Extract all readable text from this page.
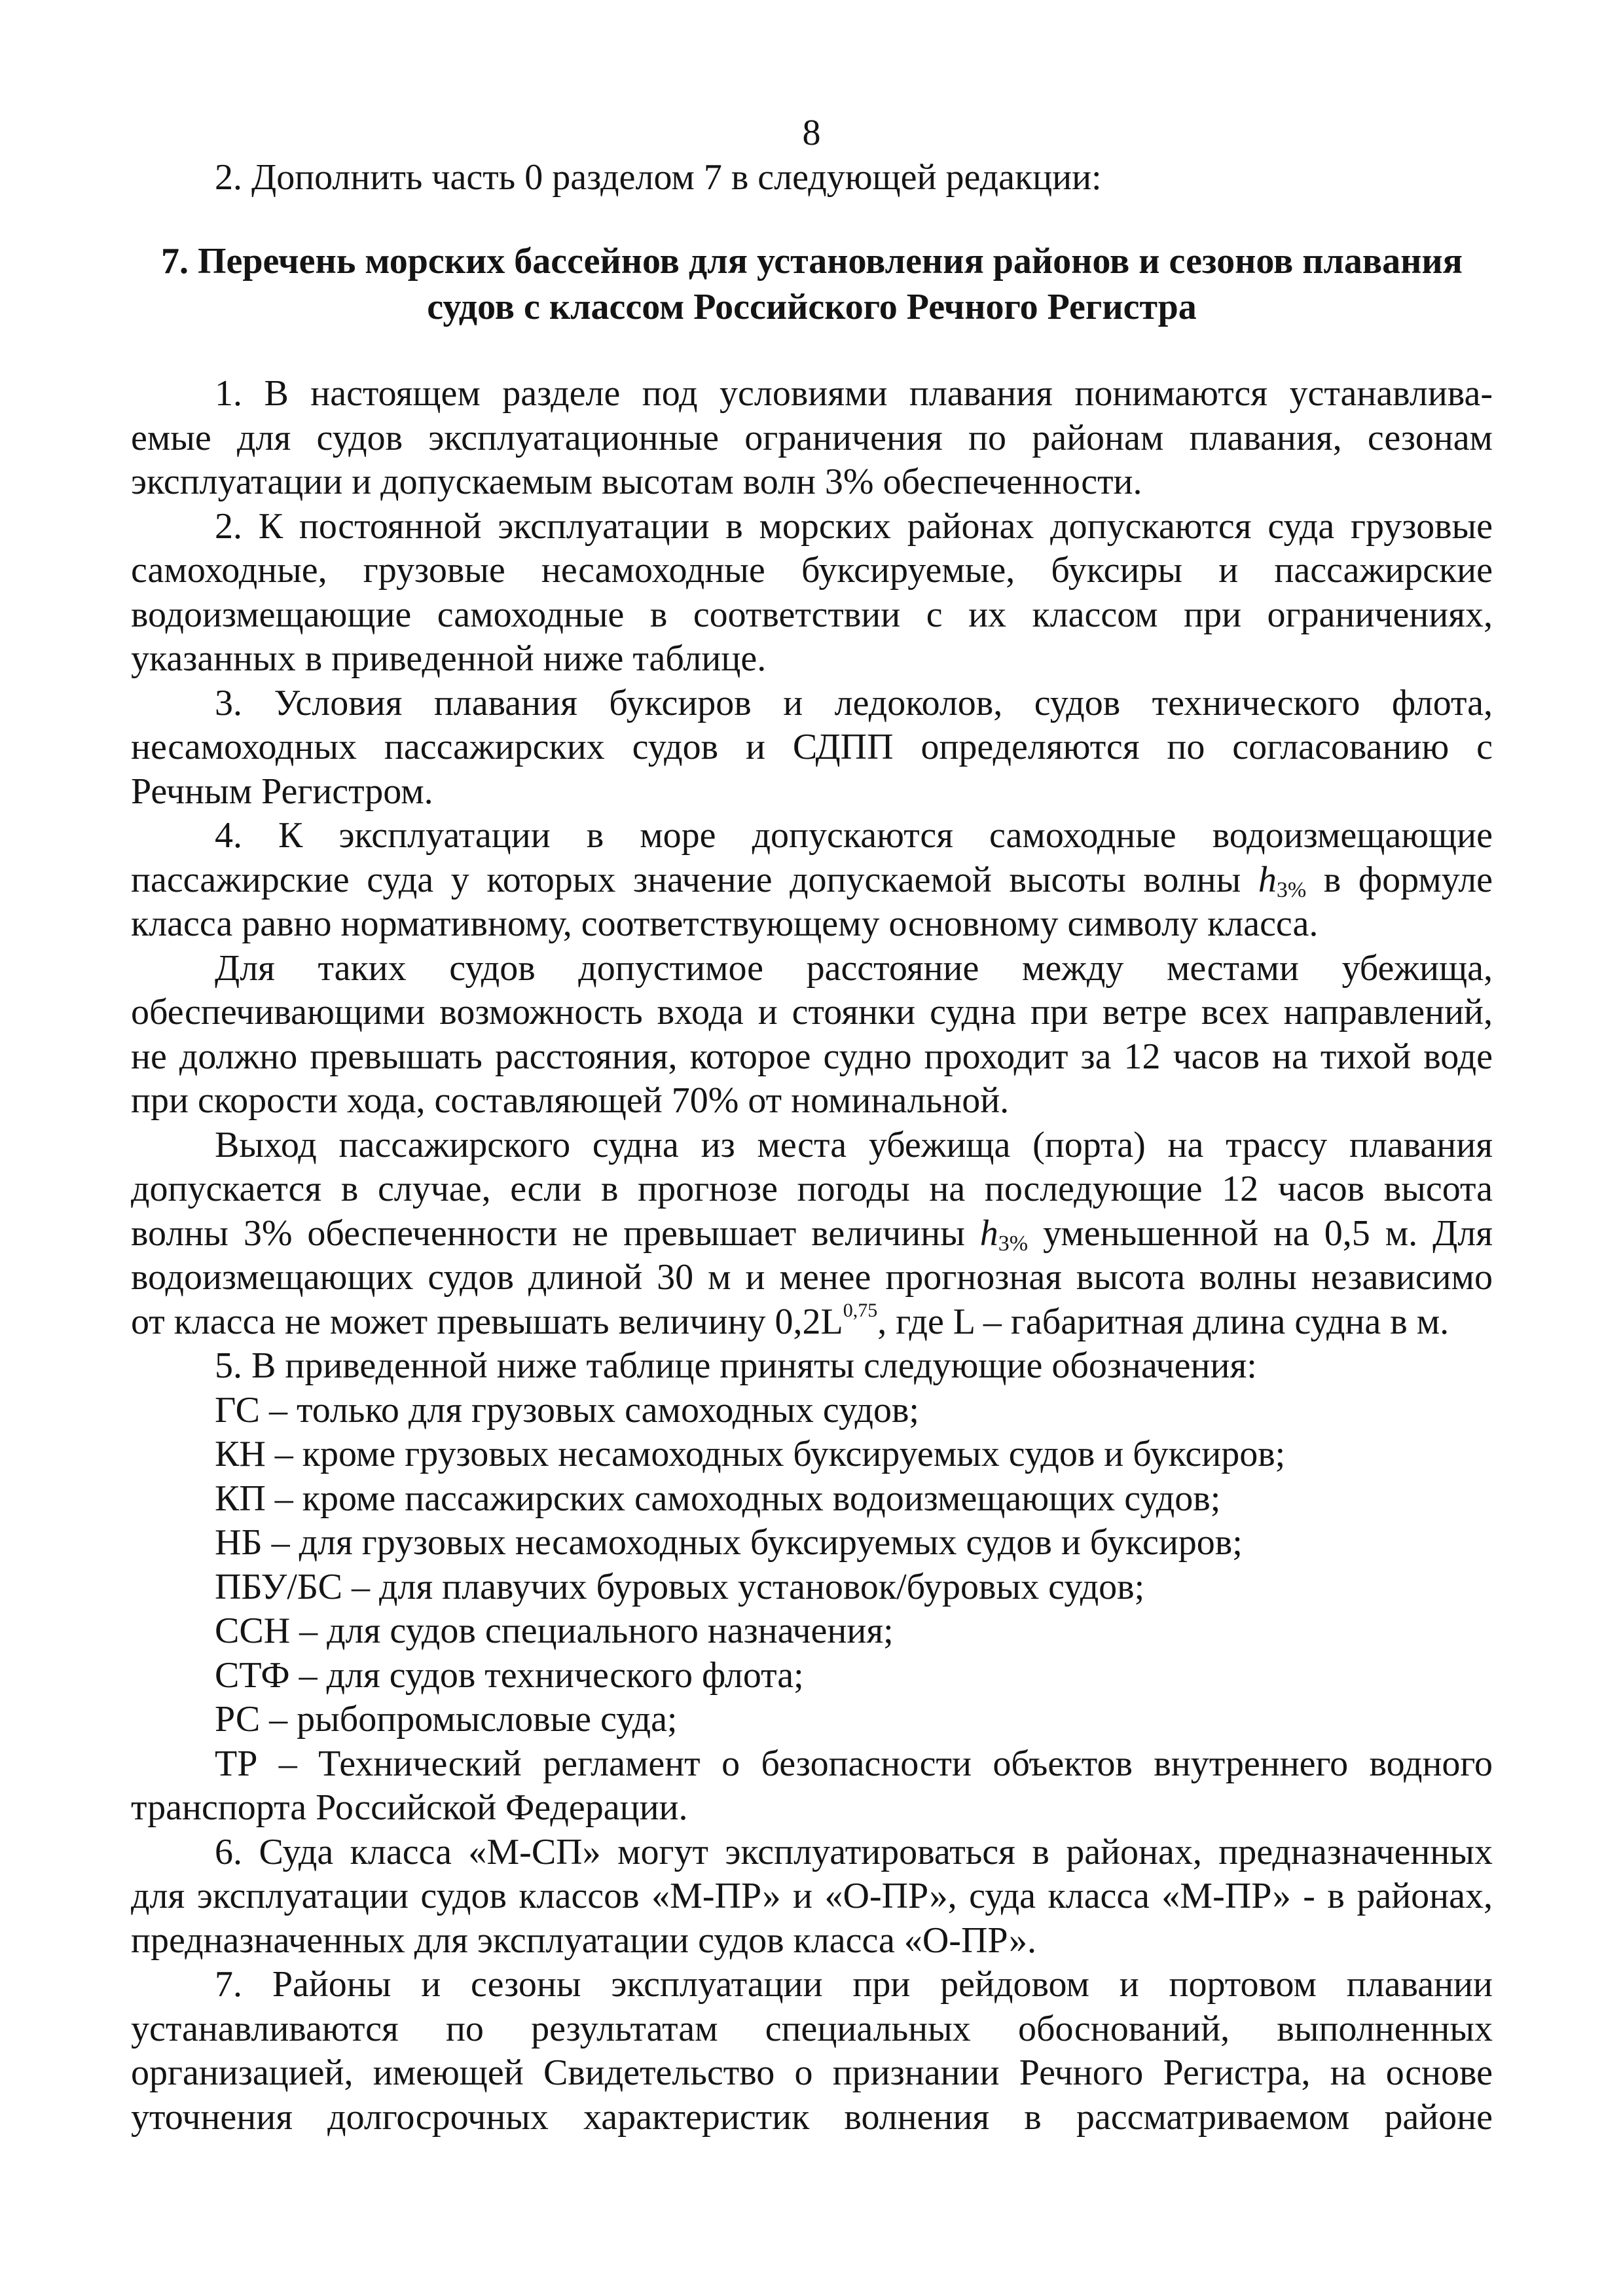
8
2. Дополнить часть 0 разделом 7 в следующей редакции:
7. Перечень морских бассейнов для установления районов и сезонов плавания
судов с классом Российского Речного Регистра
1. В настоящем разделе под условиями плавания понимаются устанавлива-
емые для судов эксплуатационные ограничения по районам плавания, сезонам
эксплуатации и допускаемым высотам волн 3% обеспеченности.
2. К постоянной эксплуатации в морских районах допускаются суда грузовые
самоходные, грузовые несамоходные буксируемые, буксиры и пассажирские
водоизмещающие самоходные в соответствии с их классом при ограничениях,
указанных в приведенной ниже таблице.
3. Условия плавания буксиров и ледоколов, судов технического флота,
несамоходных пассажирских судов и СДПП определяются по согласованию с
Речным Регистром.
4. К эксплуатации в море допускаются самоходные водоизмещающие
пассажирские суда у которых значение допускаемой высоты волны $h_{3\%}$ в формуле
класса равно нормативному, соответствующему основному символу класса.
Для таких судов допустимое расстояние между местами убежища,
обеспечивающими возможность входа и стоянки судна при ветре всех направлений,
не должно превышать расстояния, которое судно проходит за 12 часов на тихой воде
при скорости хода, составляющей 70% от номинальной.
Выход пассажирского судна из места убежища (порта) на трассу плавания
допускается в случае, если в прогнозе погоды на последующие 12 часов высота
волны 3% обеспеченности не превышает величины $h_{3\%}$ уменьшенной на 0,5 м. Для
водоизмещающих судов длиной 30 м и менее прогнозная высота волны независимо
от класса не может превышать величину $0,2L^{0,75}$, где L – габаритная длина судна в м.
5. В приведенной ниже таблице приняты следующие обозначения:
ГС – только для грузовых самоходных судов;
КН – кроме грузовых несамоходных буксируемых судов и буксиров;
КП – кроме пассажирских самоходных водоизмещающих судов;
НБ – для грузовых несамоходных буксируемых судов и буксиров;
ПБУ/БС – для плавучих буровых установок/буровых судов;
ССН – для судов специального назначения;
СТФ – для судов технического флота;
РС – рыбопромысловые суда;
ТР – Технический регламент о безопасности объектов внутреннего водного
транспорта Российской Федерации.
6. Суда класса «М-СП» могут эксплуатироваться в районах, предназначенных
для эксплуатации судов классов «М-ПР» и «О-ПР», суда класса «М-ПР» - в районах,
предназначенных для эксплуатации судов класса «О-ПР».
7. Районы и сезоны эксплуатации при рейдовом и портовом плавании
устанавливаются по результатам специальных обоснований, выполненных
организацией, имеющей Свидетельство о признании Речного Регистра, на основе
уточнения долгосрочных характеристик волнения в рассматриваемом районе
